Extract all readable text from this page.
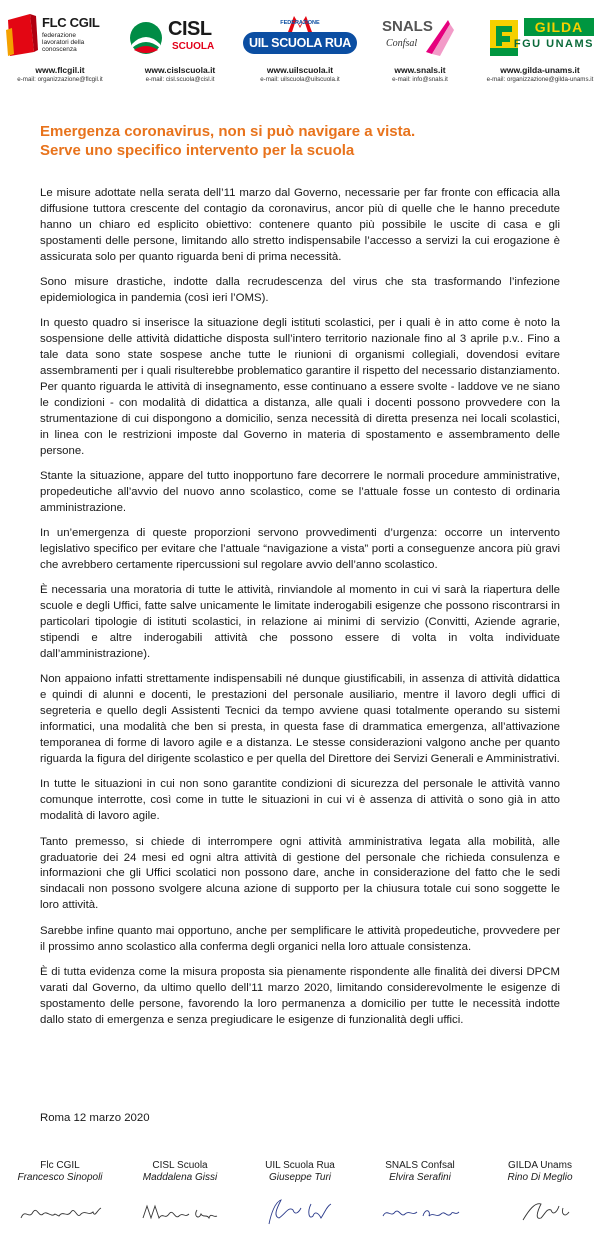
FLC CGIL
federazione lavoratori della conoscenza
www.flcgil.it
e-mail: organizzazione@flcgil.it
CISL
SCUOLA
www.cislscuola.it
e-mail: cisl.scuola@cisl.it
FEDERAZIONE
UIL SCUOLA RUA
www.uilscuola.it
e-mail: uilscuola@uilscuola.it
SNALS
Confsal
www.snals.it
e-mail: info@snals.it
GILDA
FGU UNAMS
www.gilda-unams.it
e-mail: organizzazione@gilda-unams.it
Emergenza coronavirus, non si può navigare a vista.
Serve uno specifico intervento per la scuola

Le misure adottate nella serata dell’11 marzo dal Governo, necessarie per far fronte con efficacia alla diffusione tuttora crescente del contagio da coronavirus, ancor più di quelle che le hanno precedute hanno un chiaro ed esplicito obiettivo: contenere quanto più possibile le uscite di casa e gli spostamenti delle persone, limitando allo stretto indispensabile l’accesso a servizi la cui erogazione è assicurata solo per quanto riguarda beni di prima necessità.

Sono misure drastiche, indotte dalla recrudescenza del virus che sta trasformando l’infezione epidemiologica in pandemia (così ieri l’OMS).

In questo quadro si inserisce la situazione degli istituti scolastici, per i quali è in atto come è noto la sospensione delle attività didattiche disposta sull’intero territorio nazionale fino al 3 aprile p.v.. Fino a tale data sono state sospese anche tutte le riunioni di organismi collegiali, dovendosi evitare assembramenti per i quali risulterebbe problematico garantire il rispetto del necessario distanziamento. Per quanto riguarda le attività di insegnamento, esse continuano a essere svolte - laddove ve ne siano le condizioni - con modalità di didattica a distanza, alle quali i docenti possono provvedere con la strumentazione di cui dispongono a domicilio, senza necessità di diretta presenza nei locali scolastici, in linea con le restrizioni imposte dal Governo in materia di spostamento e assembramento delle persone.

Stante la situazione, appare del tutto inopportuno fare decorrere le normali procedure amministrative, propedeutiche all’avvio del nuovo anno scolastico, come se l’attuale fosse un contesto di ordinaria amministrazione.

In un’emergenza di queste proporzioni servono provvedimenti d’urgenza: occorre un intervento legislativo specifico per evitare che l’attuale “navigazione a vista” porti a conseguenze ancora più gravi che avrebbero certamente ripercussioni sul regolare avvio dell’anno scolastico.

È necessaria una moratoria di tutte le attività, rinviandole al momento in cui vi sarà la riapertura delle scuole e degli Uffici, fatte salve unicamente le limitate inderogabili esigenze che possono riscontrarsi in particolari tipologie di istituti scolastici, in relazione ai minimi di servizio (Convitti, Aziende agrarie, stipendi e altre inderogabili attività che possono essere di volta in volta individuate dall’amministrazione).

Non appaiono infatti strettamente indispensabili né dunque giustificabili, in assenza di attività didattica e quindi di alunni e docenti, le prestazioni del personale ausiliario, mentre il lavoro degli uffici di segreteria e quello degli Assistenti Tecnici da tempo avviene quasi totalmente operando su sistemi informatici, una modalità che ben si presta, in questa fase di drammatica emergenza, all’attivazione temporanea di forme di lavoro agile e a distanza. Le stesse considerazioni valgono anche per quanto riguarda la figura del dirigente scolastico e per quella del Direttore dei Servizi Generali e Amministrativi.

In tutte le situazioni in cui non sono garantite condizioni di sicurezza del personale le attività vanno comunque interrotte, così come in tutte le situazioni in cui vi è assenza di attività o sono già in atto modalità di lavoro agile.

Tanto premesso, si chiede di interrompere ogni attività amministrativa legata alla mobilità, alle graduatorie dei 24 mesi ed ogni altra attività di gestione del personale che richieda consulenza e informazioni che gli Uffici scolatici non possono dare, anche in considerazione del fatto che le sedi sindacali non possono svolgere alcuna azione di supporto per la chiusura totale cui sono soggette le loro attività.

Sarebbe infine quanto mai opportuno, anche per semplificare le attività propedeutiche, provvedere per il prossimo anno scolastico alla conferma degli organici nella loro attuale consistenza.

È di tutta evidenza come la misura proposta sia pienamente rispondente alle finalità dei diversi DPCM varati dal Governo, da ultimo quello dell’11 marzo 2020, limitando considerevolmente le esigenze di spostamento delle persone, favorendo la loro permanenza a domicilio per tutte le necessità indotte dallo stato di emergenza e senza pregiudicare le esigenze di funzionalità degli uffici.

Roma 12 marzo 2020
Flc CGIL
Francesco Sinopoli
CISL Scuola
Maddalena Gissi
UIL Scuola Rua
Giuseppe Turi
SNALS Confsal
Elvira Serafini
GILDA Unams
Rino Di Meglio
